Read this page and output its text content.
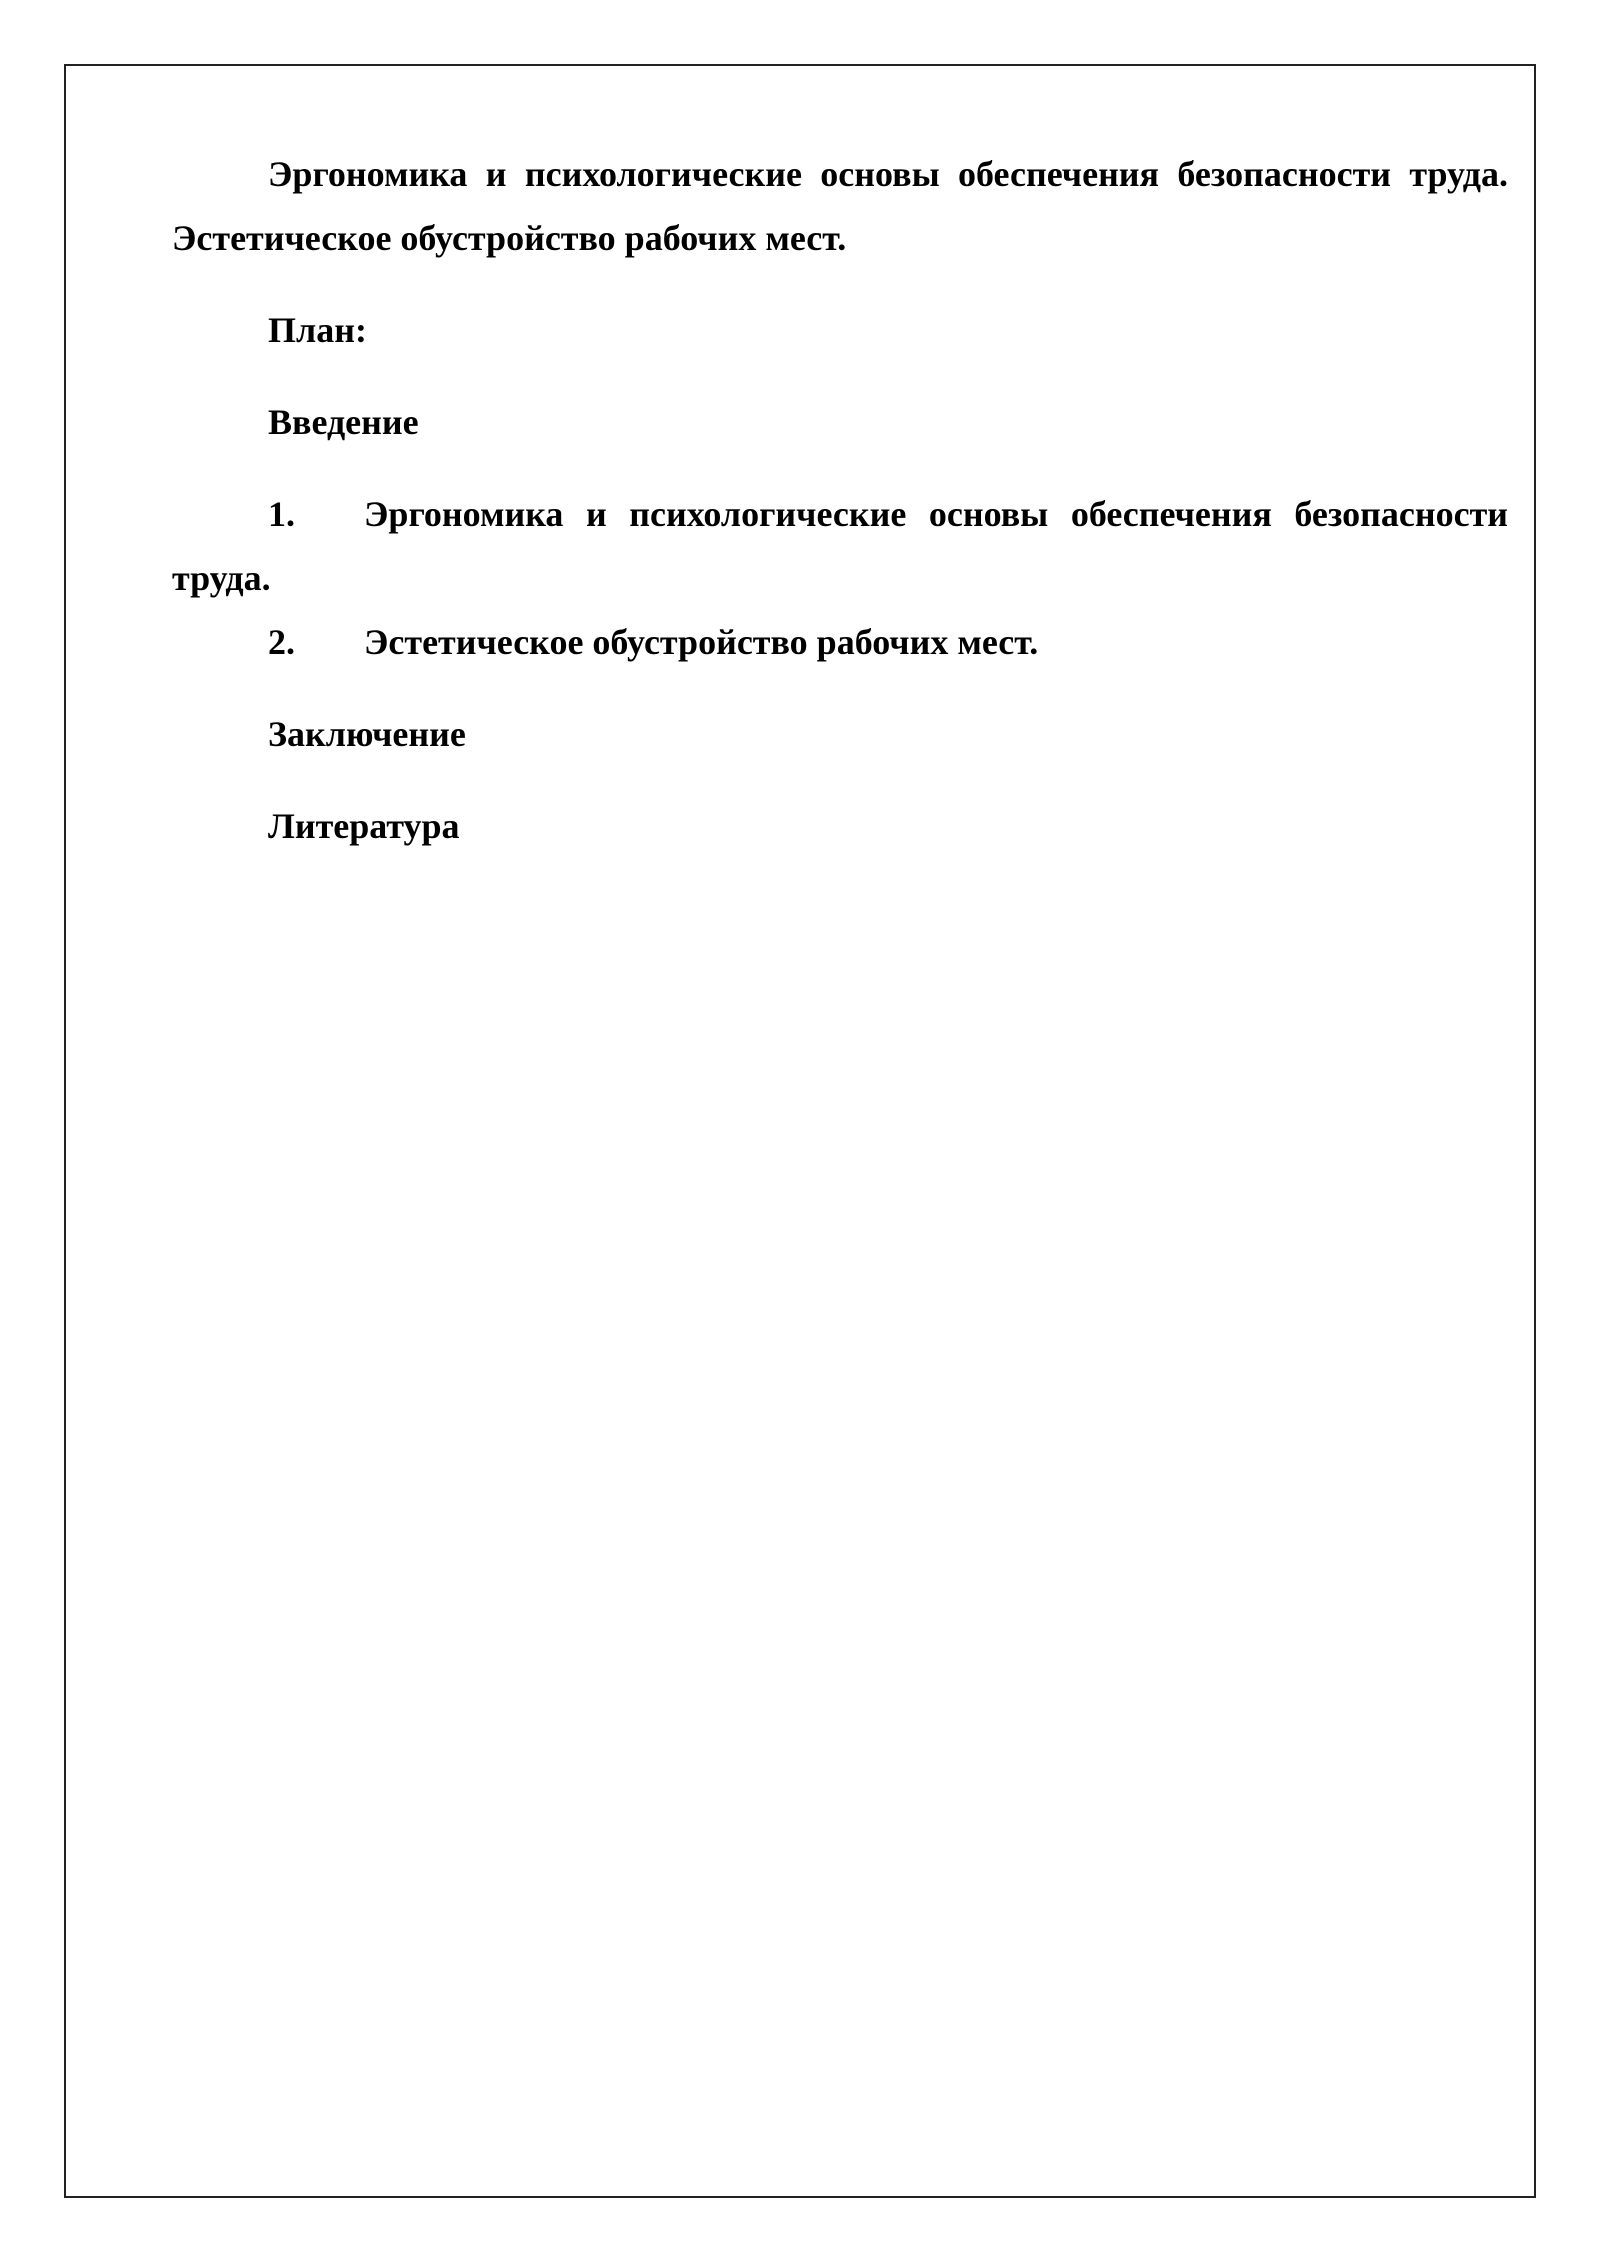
Эргономика и психологические основы обеспечения безопасности труда. Эстетическое обустройство рабочих мест.

План:

Введение

1. Эргономика и психологические основы обеспечения безопасности труда.

2. Эстетическое обустройство рабочих мест.

Заключение

Литература
